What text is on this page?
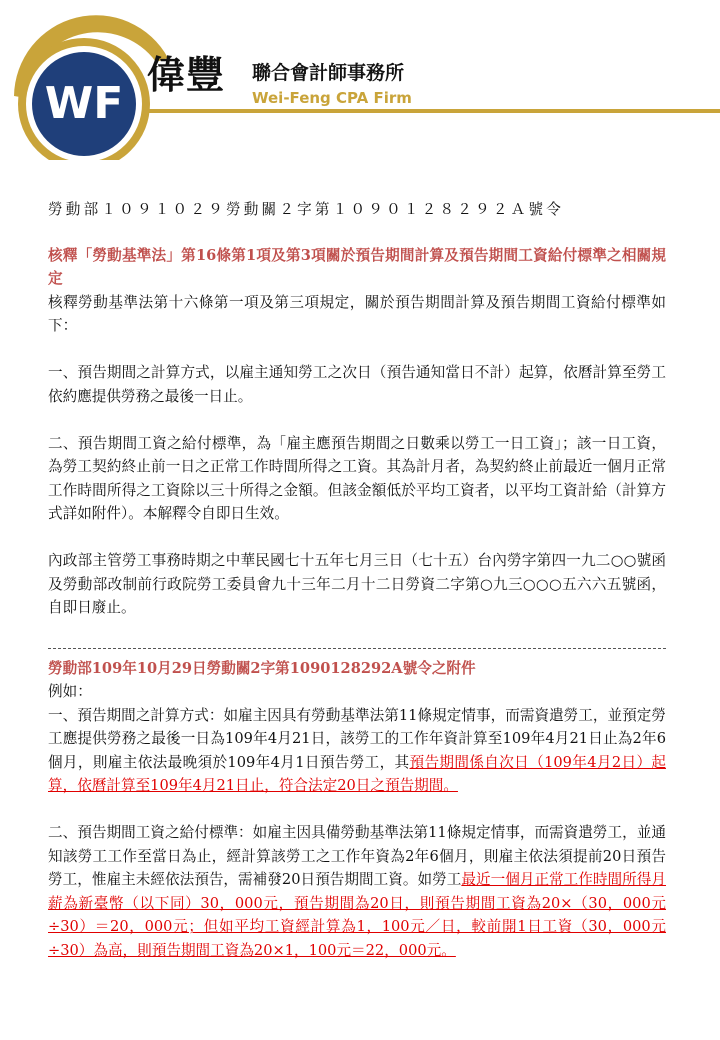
WF
偉豐 聯合會計師事務所
Wei-Feng CPA Firm

勞動部１０９１０２９勞動關２字第１０９０１２８２９２Ａ號令

核釋「勞動基準法」第16條第1項及第3項關於預告期間計算及預告期間工資給付標準之相關規定

核釋勞動基準法第十六條第一項及第三項規定，關於預告期間計算及預告期間工資給付標準如下：

一、預告期間之計算方式，以雇主通知勞工之次日（預告通知當日不計）起算，依曆計算至勞工依約應提供勞務之最後一日止。

二、預告期間工資之給付標準，為「雇主應預告期間之日數乘以勞工一日工資」；該一日工資，為勞工契約終止前一日之正常工作時間所得之工資。其為計月者，為契約終止前最近一個月正常工作時間所得之工資除以三十所得之金額。但該金額低於平均工資者，以平均工資計給（計算方式詳如附件）。本解釋令自即日生效。

內政部主管勞工事務時期之中華民國七十五年七月三日（七十五）台內勞字第四一九二○○號函及勞動部改制前行政院勞工委員會九十三年二月十二日勞資二字第○九三○○○五六六五號函，自即日廢止。

勞動部109年10月29日勞動關2字第1090128292A號令之附件

例如：

一、預告期間之計算方式：如雇主因具有勞動基準法第11條規定情事，而需資遣勞工，並預定勞工應提供勞務之最後一日為109年4月21日，該勞工的工作年資計算至109年4月21日止為2年6個月，則雇主依法最晚須於109年4月1日預告勞工，其預告期間係自次日（109年4月2日）起算，依曆計算至109年4月21日止，符合法定20日之預告期間。

二、預告期間工資之給付標準：如雇主因具備勞動基準法第11條規定情事，而需資遣勞工，並通知該勞工工作至當日為止，經計算該勞工之工作年資為2年6個月，則雇主依法須提前20日預告勞工，惟雇主未經依法預告，需補發20日預告期間工資。如勞工最近一個月正常工作時間所得月薪為新臺幣（以下同）30，000元，預告期間為20日，則預告期間工資為20×（30，000元÷30）＝20，000元；但如平均工資經計算為1，100元／日，較前開1日工資（30，000元÷30）為高，則預告期間工資為20×1，100元＝22，000元。
